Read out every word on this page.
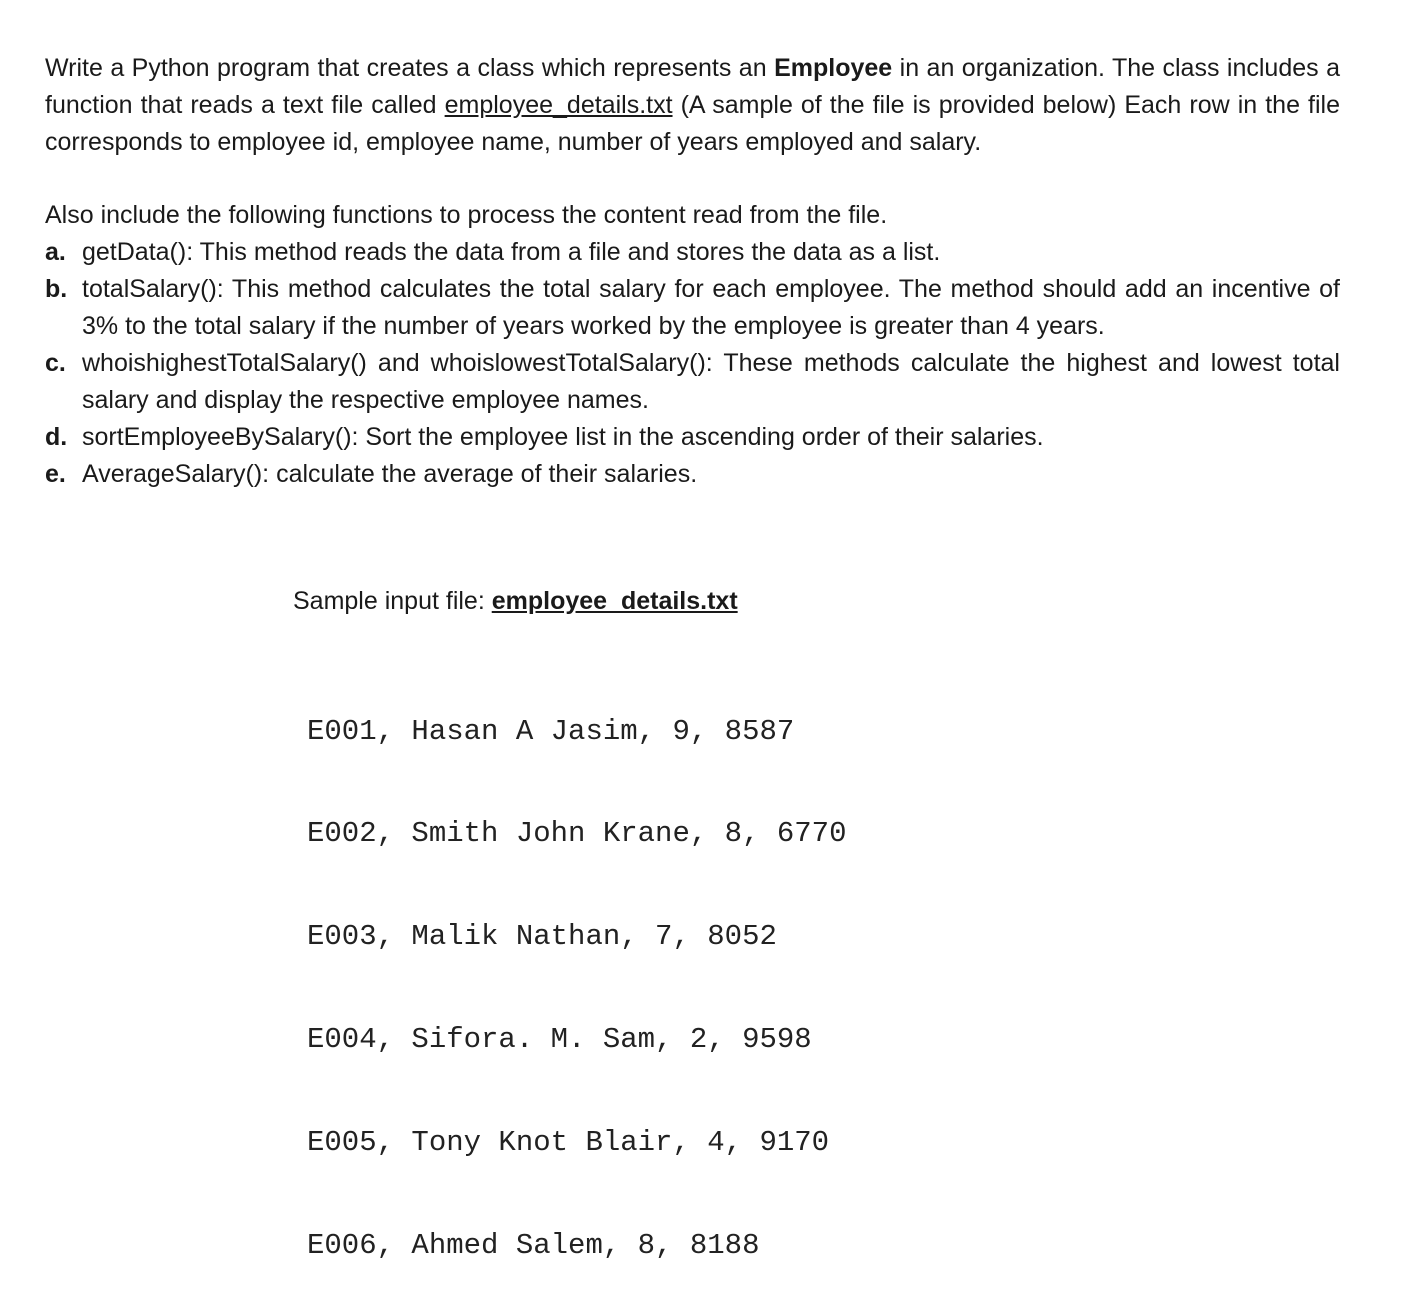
Write a Python program that creates a class which represents an Employee in an organization. The class includes a function that reads a text file called employee_details.txt (A sample of the file is provided below) Each row in the file corresponds to employee id, employee name, number of years employed and salary.

Also include the following functions to process the content read from the file.

a. getData(): This method reads the data from a file and stores the data as a list.
b. totalSalary(): This method calculates the total salary for each employee. The method should add an incentive of 3% to the total salary if the number of years worked by the employee is greater than 4 years.
c. whoishighestTotalSalary() and whoislowestTotalSalary(): These methods calculate the highest and lowest total salary and display the respective employee names.
d. sortEmployeeBySalary(): Sort the employee list in the ascending order of their salaries.
e. AverageSalary(): calculate the average of their salaries.
Sample input file: employee_details.txt

E001, Hasan A Jasim, 9, 8587

E002, Smith John Krane, 8, 6770

E003, Malik Nathan, 7, 8052

E004, Sifora. M. Sam, 2, 9598

E005, Tony Knot Blair, 4, 9170

E006, Ahmed Salem, 8, 8188
